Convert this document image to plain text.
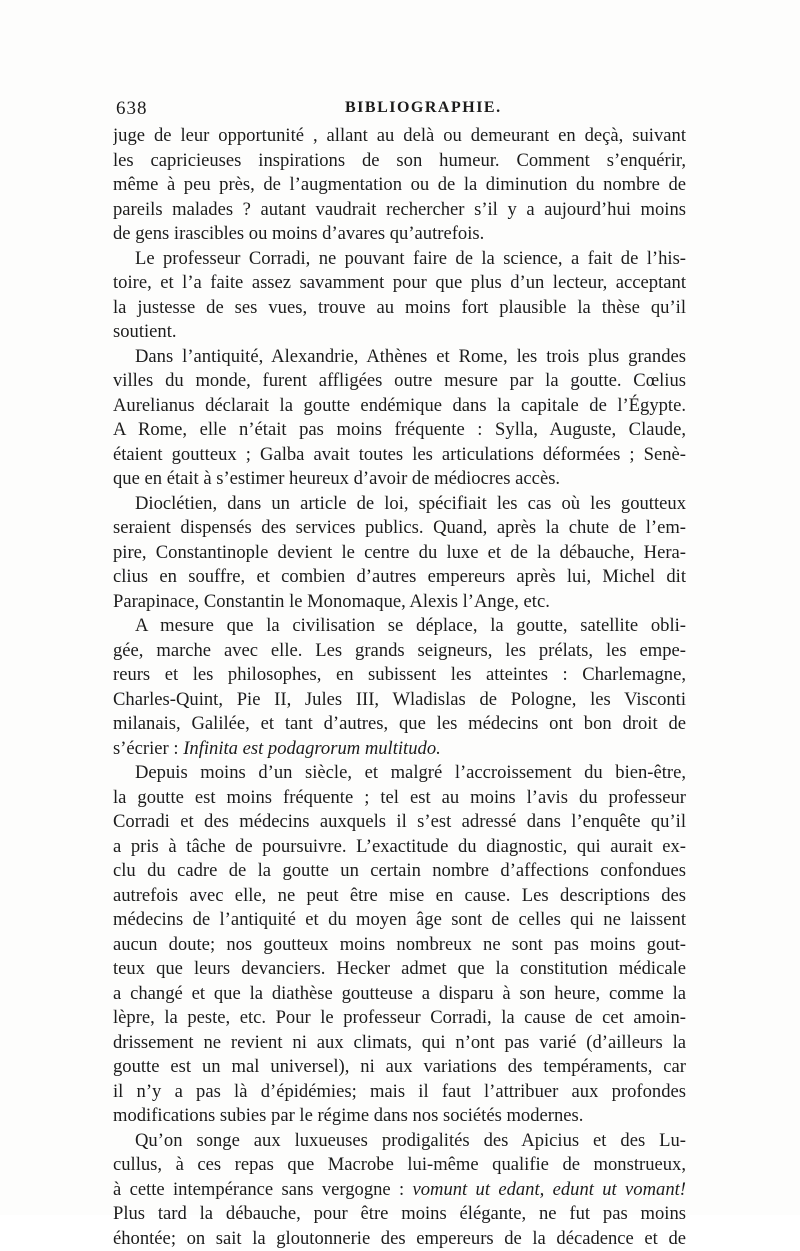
638	BIBLIOGRAPHIE.
juge de leur opportunité , allant au delà ou demeurant en deçà, suivant
les capricieuses inspirations de son humeur. Comment s’enquérir,
même à peu près, de l’augmentation ou de la diminution du nombre de
pareils malades ? autant vaudrait rechercher s’il y a aujourd’hui moins
de gens irascibles ou moins d’avares qu’autrefois.
Le professeur Corradi, ne pouvant faire de la science, a fait de l’his-
toire, et l’a faite assez savamment pour que plus d’un lecteur, acceptant
la justesse de ses vues, trouve au moins fort plausible la thèse qu’il
soutient.
Dans l’antiquité, Alexandrie, Athènes et Rome, les trois plus grandes
villes du monde, furent affligées outre mesure par la goutte. Cœlius
Aurelianus déclarait la goutte endémique dans la capitale de l’Égypte.
A Rome, elle n’était pas moins fréquente : Sylla, Auguste, Claude,
étaient goutteux ; Galba avait toutes les articulations déformées ; Senè-
que en était à s’estimer heureux d’avoir de médiocres accès.
Dioclétien, dans un article de loi, spécifiait les cas où les goutteux
seraient dispensés des services publics. Quand, après la chute de l’em-
pire, Constantinople devient le centre du luxe et de la débauche, Hera-
clius en souffre, et combien d’autres empereurs après lui, Michel dit
Parapinace, Constantin le Monomaque, Alexis l’Ange, etc.
A mesure que la civilisation se déplace, la goutte, satellite obli-
gée, marche avec elle. Les grands seigneurs, les prélats, les empe-
reurs et les philosophes, en subissent les atteintes : Charlemagne,
Charles-Quint, Pie II, Jules III, Wladislas de Pologne, les Visconti
milanais, Galilée, et tant d’autres, que les médecins ont bon droit de
s’écrier : Infinita est podagrorum multitudo.
Depuis moins d’un siècle, et malgré l’accroissement du bien-être,
la goutte est moins fréquente ; tel est au moins l’avis du professeur
Corradi et des médecins auxquels il s’est adressé dans l’enquête qu’il
a pris à tâche de poursuivre. L’exactitude du diagnostic, qui aurait ex-
clu du cadre de la goutte un certain nombre d’affections confondues
autrefois avec elle, ne peut être mise en cause. Les descriptions des
médecins de l’antiquité et du moyen âge sont de celles qui ne laissent
aucun doute; nos goutteux moins nombreux ne sont pas moins gout-
teux que leurs devanciers. Hecker admet que la constitution médicale
a changé et que la diathèse goutteuse a disparu à son heure, comme la
lèpre, la peste, etc. Pour le professeur Corradi, la cause de cet amoin-
drissement ne revient ni aux climats, qui n’ont pas varié (d’ailleurs la
goutte est un mal universel), ni aux variations des tempéraments, car
il n’y a pas là d’épidémies; mais il faut l’attribuer aux profondes
modifications subies par le régime dans nos sociétés modernes.
Qu’on songe aux luxueuses prodigalités des Apicius et des Lu-
cullus, à ces repas que Macrobe lui-même qualifie de monstrueux,
à cette intempérance sans vergogne : vomunt ut edant, edunt ut vomant!
Plus tard la débauche, pour être moins élégante, ne fut pas moins
éhontée; on sait la gloutonnerie des empereurs de la décadence et de
